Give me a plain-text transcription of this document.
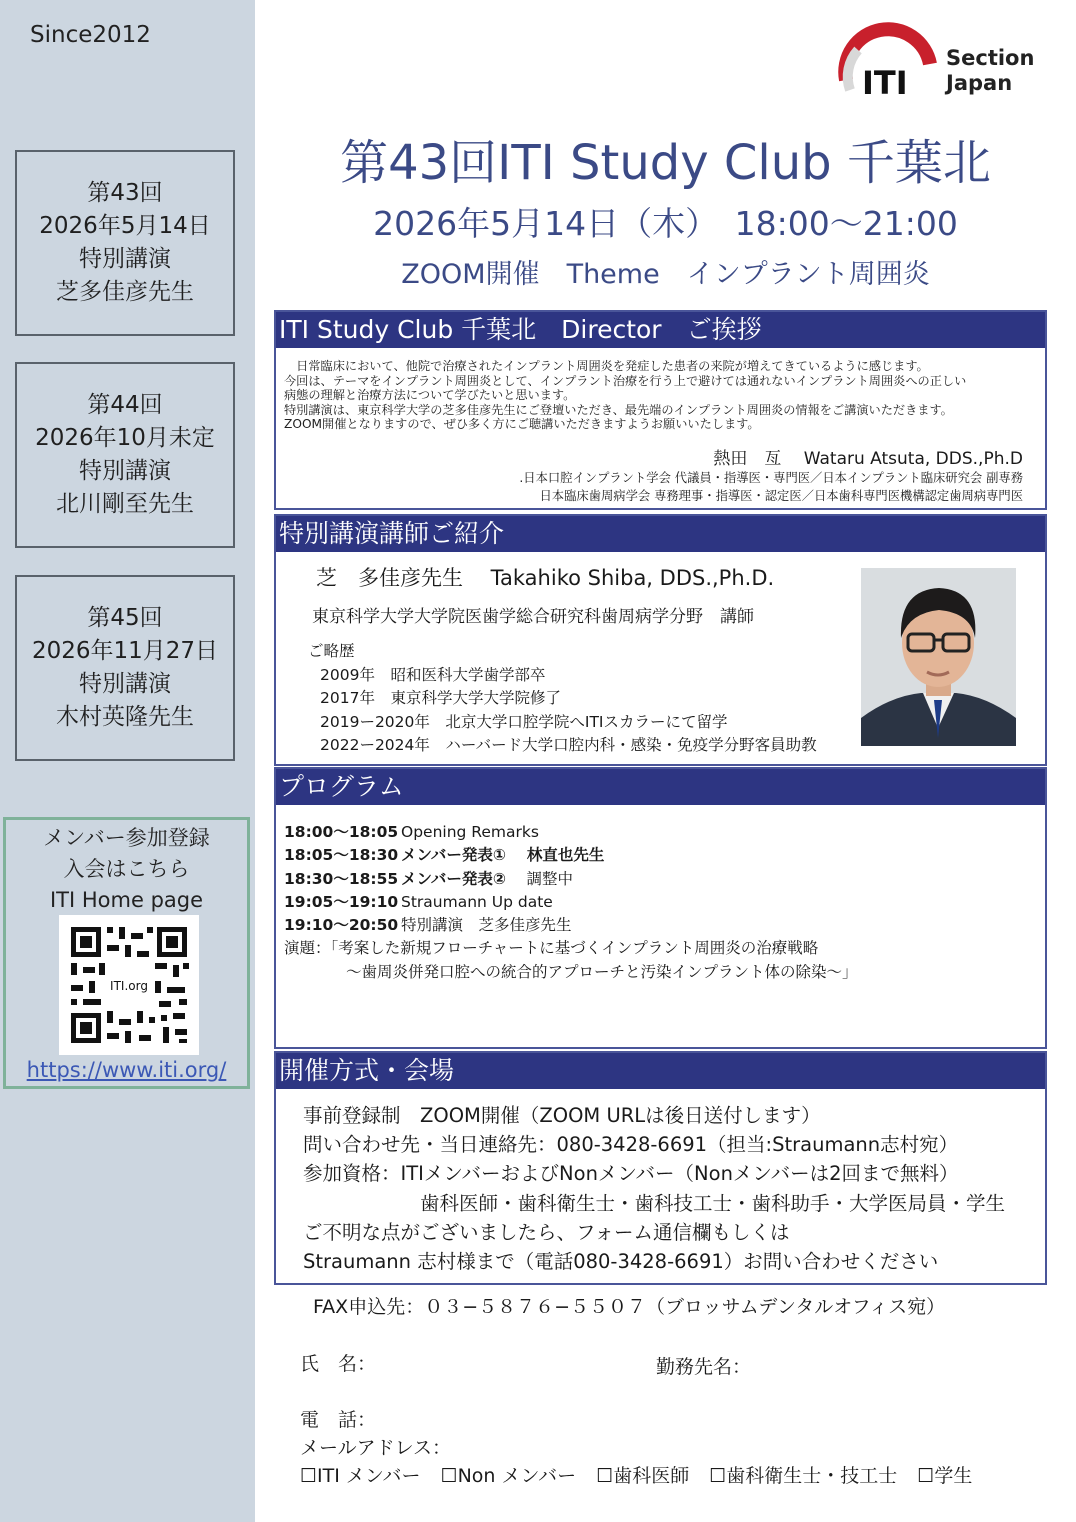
Since2012
第43回
2026年5月14日
特別講演
芝多佳彦先生
第44回
2026年10月未定
特別講演
北川剛至先生
第45回
2026年11月27日
特別講演
木村英隆先生
メンバー参加登録
入会はこちら
ITI Home page
ITI.org
https://www.iti.org/
ITI
Section
Japan
第43回ITI Study Club 千葉北
2026年5月14日（木）　18:00～21:00
ZOOM開催　Theme　インプラント周囲炎
ITI Study Club 千葉北　Director　ご挨拶

　日常臨床において、他院で治療されたインプラント周囲炎を発症した患者の来院が増えてきているように感じます。

今回は、テーマをインプラント周囲炎として、インプラント治療を行う上で避けては通れないインプラント周囲炎への正しい

病態の理解と治療方法について学びたいと思います。

特別講演は、東京科学大学の芝多佳彦先生にご登壇いただき、最先端のインプラント周囲炎の情報をご講演いただきます。

ZOOM開催となりますので、ぜひ多く方にご聴講いただきますようお願いいたします。

熱田　亙　 Wataru Atsuta, DDS.,Ph.D
.日本口腔インプラント学会 代議員・指導医・専門医／日本インプラント臨床研究会 副専務
日本臨床歯周病学会 専務理事・指導医・認定医／日本歯科専門医機構認定歯周病専門医
特別講演講師ご紹介
芝　多佳彦先生　 Takahiko Shiba, DDS.,Ph.D.
東京科学大学大学院医歯学総合研究科歯周病学分野　講師
ご略歴
2009年　昭和医科大学歯学部卒
2017年　東京科学大学大学院修了
2019ー2020年　北京大学口腔学院へITIスカラーにて留学
2022ー2024年　ハーバード大学口腔内科・感染・免疫学分野客員助教
プログラム
18:00～18:05 Opening Remarks
18:05～18:30 メンバー発表①　 林直也先生
18:30～18:55 メンバー発表②　 調整中
19:05～19:10 Straumann Up date
19:10～20:50 特別講演　芝多佳彦先生
演題：「考案した新規フローチャートに基づくインプラント周囲炎の治療戦略
　　　　～歯周炎併発口腔への統合的アプローチと汚染インプラント体の除染～」
開催方式・会場
事前登録制　ZOOM開催（ZOOM URLは後日送付します）
問い合わせ先・当日連絡先：080-3428-6691（担当:Straumann志村宛）
参加資格：ITIメンバーおよびNonメンバー（Nonメンバーは2回まで無料）
　　　　　　歯科医師・歯科衛生士・歯科技工士・歯科助手・大学医局員・学生
ご不明な点がございましたら、フォーム通信欄もしくは
Straumann 志村様まで（電話080-3428-6691）お問い合わせください
FAX申込先：０３−５８７６−５５０７（ブロッサムデンタルオフィス宛）
氏　名：	勤務先名：
電　話：
メールアドレス：
☐ITI メンバー ☐Non メンバー ☐歯科医師 ☐歯科衛生士・技工士 ☐学生
